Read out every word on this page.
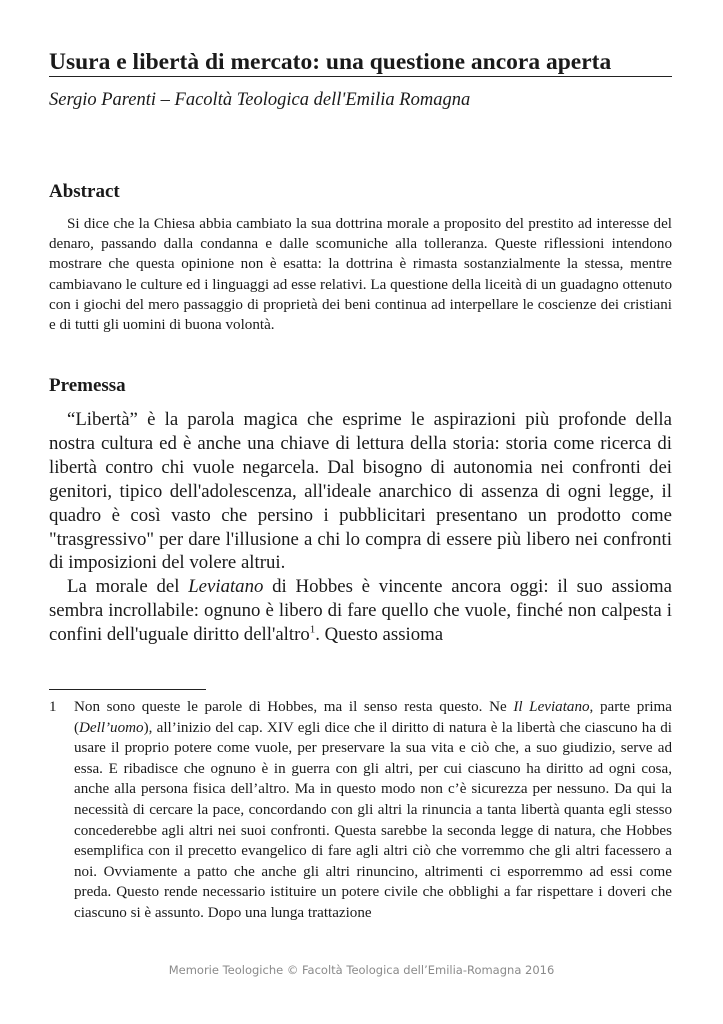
Usura e libertà di mercato: una questione ancora aperta
Sergio Parenti – Facoltà Teologica dell'Emilia Romagna
Abstract

Si dice che la Chiesa abbia cambiato la sua dottrina morale a proposito del prestito ad interesse del denaro, passando dalla condanna e dalle scomuniche alla tolleranza. Queste riflessioni intendono mostrare che questa opinione non è esatta: la dottrina è rimasta sostanzialmente la stessa, mentre cambiavano le culture ed i linguaggi ad esse relativi. La questione della liceità di un guadagno ottenuto con i giochi del mero passaggio di proprietà dei beni continua ad interpellare le coscienze dei cristiani e di tutti gli uomini di buona volontà.

Premessa

“Libertà” è la parola magica che esprime le aspirazioni più profonde della nostra cultura ed è anche una chiave di lettura della storia: storia come ricerca di libertà contro chi vuole negarcela. Dal bisogno di autonomia nei confronti dei genitori, tipico dell'adolescenza, all'ideale anarchico di assenza di ogni legge, il quadro è così vasto che persino i pubblicitari presentano un prodotto come "trasgressivo" per dare l'illusione a chi lo compra di essere più libero nei confronti di imposizioni del volere altrui.

La morale del Leviatano di Hobbes è vincente ancora oggi: il suo assioma sembra incrollabile: ognuno è libero di fare quello che vuole, finché non calpesta i confini dell'uguale diritto dell'altro$^1$. Questo assioma

1	Non sono queste le parole di Hobbes, ma il senso resta questo. Ne Il Leviatano, parte prima (Dell’uomo), all’inizio del cap. XIV egli dice che il diritto di natura è la libertà che ciascuno ha di usare il proprio potere come vuole, per preservare la sua vita e ciò che, a suo giudizio, serve ad essa. E ribadisce che ognuno è in guerra con gli altri, per cui ciascuno ha diritto ad ogni cosa, anche alla persona fisica dell’altro. Ma in questo modo non c’è sicurezza per nessuno. Da qui la necessità di cercare la pace, concordando con gli altri la rinuncia a tanta libertà quanta egli stesso concederebbe agli altri nei suoi confronti. Questa sarebbe la seconda legge di natura, che Hobbes esemplifica con il precetto evangelico di fare agli altri ciò che vorremmo che gli altri facessero a noi. Ovviamente a patto che anche gli altri rinuncino, altrimenti ci esporremmo ad essi come preda. Questo rende necessario istituire un potere civile che obblighi a far rispettare i doveri che ciascuno si è assunto. Dopo una lunga trattazione
Memorie Teologiche © Facoltà Teologica dell’Emilia-Romagna 2016
